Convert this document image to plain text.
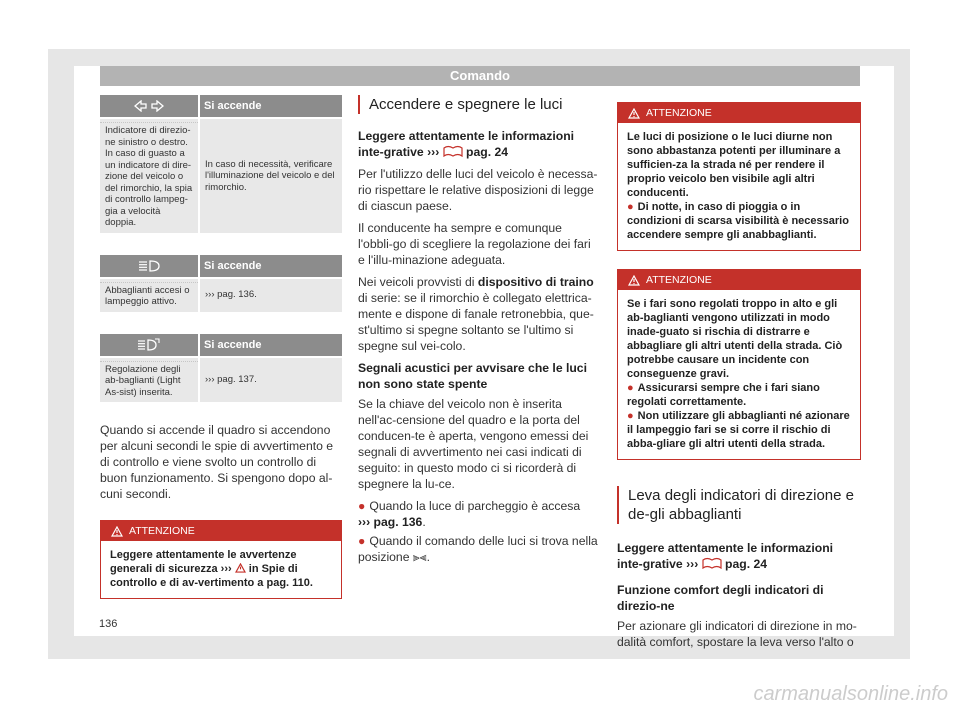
Comando
	Si accende

Indicatore di direzio-ne sinistro o destro. In caso di guasto a un indicatore di dire-zione del veicolo o del rimorchio, la spia di controllo lampeg-gia a velocità doppia.	In caso di necessità, verificare l'illuminazione del veicolo e del rimorchio.
	Si accende

Abbaglianti accesi o lampeggio attivo.	››› pag. 136.
	Si accende

Regolazione degli ab-baglianti (Light As-sist) inserita.	››› pag. 137.

Quando si accende il quadro si accendono per alcuni secondi le spie di avvertimento e di controllo e viene svolto un controllo di buon funzionamento. Si spengono dopo al-cuni secondi.

ATTENZIONE
Leggere attentamente le avvertenze generali di sicurezza ›››  in Spie di controllo e di av-vertimento a pag. 110.
Accendere e spegnere le luci

Leggere attentamente le informazioni inte-grative ››› pag. 24

Per l'utilizzo delle luci del veicolo è necessa-rio rispettare le relative disposizioni di legge di ciascun paese.

Il conducente ha sempre e comunque l'obbli-go di scegliere la regolazione dei fari e l'illu-minazione adeguata.

Nei veicoli provvisti di dispositivo di traino di serie: se il rimorchio è collegato elettrica-mente e dispone di fanale retronebbia, que-st'ultimo si spegne soltanto se l'ultimo si spegne sul vei-colo.

Segnali acustici per avvisare che le luci non sono state spente

Se la chiave del veicolo non è inserita nell'ac-censione del quadro e la porta del conducen-te è aperta, vengono emessi dei segnali di avvertimento nei casi indicati di seguito: in questo modo ci si ricorderà di spegnere la lu-ce.

● Quando la luce di parcheggio è accesa
››› pag. 136.

● Quando il comando delle luci si trova nella posizione ⫸⫷.

ATTENZIONE

Le luci di posizione o le luci diurne non sono abbastanza potenti per illuminare a sufficien-za la strada né per rendere il proprio veicolo ben visibile agli altri conducenti.

● Di notte, in caso di pioggia o in condizioni di scarsa visibilità è necessario accendere sempre gli anabbaglianti.

ATTENZIONE

Se i fari sono regolati troppo in alto e gli ab-baglianti vengono utilizzati in modo inade-guato si rischia di distrarre e abbagliare gli altri utenti della strada. Ciò potrebbe causare un incidente con conseguenze gravi.

● Assicurarsi sempre che i fari siano regolati correttamente.

● Non utilizzare gli abbaglianti né azionare il lampeggio fari se si corre il rischio di abba-gliare gli altri utenti della strada.

Leva degli indicatori di direzione e de-gli abbaglianti

Leggere attentamente le informazioni inte-grative ››› pag. 24

Funzione comfort degli indicatori di direzio-ne

Per azionare gli indicatori di direzione in mo-dalità comfort, spostare la leva verso l'alto o

136
carmanualsonline.info
